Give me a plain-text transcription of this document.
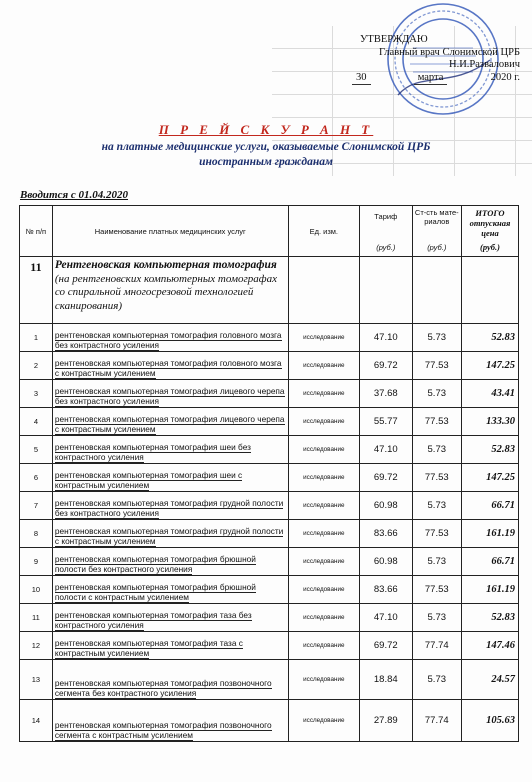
УТВЕРЖДАЮ
Главный врач Слонимской ЦРБ
Н.И.Развалович
30	марта	2020 г.
П Р Е Й С К У Р А Н Т
на платные медицинские услуги, оказываемые Слонимской ЦРБ
иностранным гражданам
Вводится с 01.04.2020
№ п/п	Наименование платных медицинских услуг	Ед. изм.	Тариф
(руб.)	Ст-сть мате-риалов
(руб.)	ИТОГО отпускная цена
(руб.)

11	Рентгеновская компьютерная томография (на рентгеновских компьютерных томографах со спиральной многосрезовой технологией сканирования)				
1	рентгеновская компьютерная томография головного мозга без контрастного усиления	исследование	47.10	5.73	52.83
2	рентгеновская компьютерная томография головного мозга с контрастным усилением	исследование	69.72	77.53	147.25
3	рентгеновская компьютерная томография лицевого черепа без контрастного усиления	исследование	37.68	5.73	43.41
4	рентгеновская компьютерная томография лицевого черепа с контрастным усилением	исследование	55.77	77.53	133.30
5	рентгеновская компьютерная томография шеи без контрастного усиления	исследование	47.10	5.73	52.83
6	рентгеновская компьютерная томография шеи с контрастным усилением	исследование	69.72	77.53	147.25
7	рентгеновская компьютерная томография грудной полости без контрастного усиления	исследование	60.98	5.73	66.71
8	рентгеновская компьютерная томография грудной полости с контрастным усилением	исследование	83.66	77.53	161.19
9	рентгеновская компьютерная томография брюшной полости без контрастного усиления	исследование	60.98	5.73	66.71
10	рентгеновская компьютерная томография брюшной полости с контрастным усилением	исследование	83.66	77.53	161.19
11	рентгеновская компьютерная томография таза без контрастного усиления	исследование	47.10	5.73	52.83
12	рентгеновская компьютерная томография таза с контрастным усилением	исследование	69.72	77.74	147.46
13	рентгеновская компьютерная томография позвоночного сегмента без контрастного усиления	исследование	18.84	5.73	24.57
14	рентгеновская компьютерная томография позвоночного сегмента с контрастным усилением	исследование	27.89	77.74	105.63
